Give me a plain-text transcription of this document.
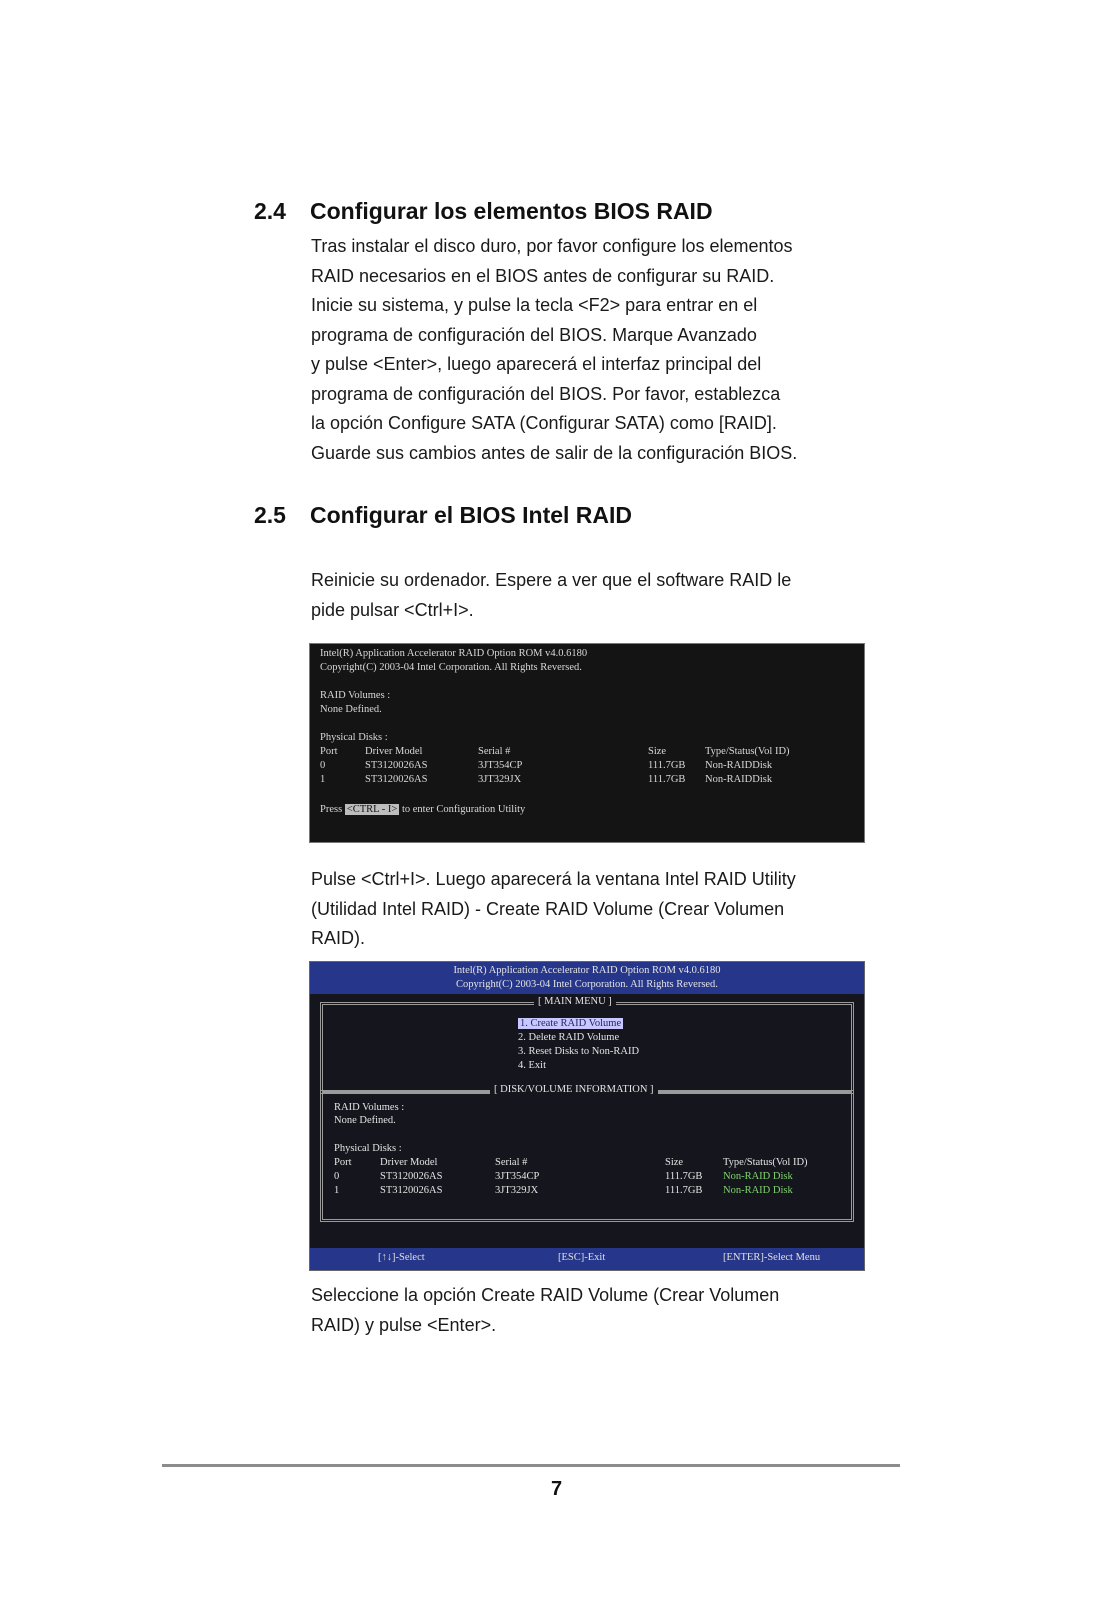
2.4 Configurar los elementos BIOS RAID
Tras instalar el disco duro, por favor configure los elementos
RAID necesarios en el BIOS antes de configurar su RAID.
Inicie su sistema, y pulse la tecla <F2> para entrar en el
programa de configuración del BIOS. Marque Avanzado
y pulse <Enter>, luego aparecerá el interfaz principal del
programa de configuración del BIOS. Por favor, establezca
la opción Configure SATA (Configurar SATA) como [RAID].
Guarde sus cambios antes de salir de la configuración BIOS.
2.5 Configurar el BIOS Intel RAID
Reinicie su ordenador. Espere a ver que el software RAID le
pide pulsar <Ctrl+I>.
Intel(R) Application Accelerator RAID Option ROM v4.0.6180
Copyright(C) 2003-04 Intel Corporation. All Rights Reversed.
RAID Volumes :
None Defined.
Physical Disks :
Port	Driver Model	Serial #	Size	Type/Status(Vol ID)
0	ST3120026AS	3JT354CP	111.7GB Non-RAIDDisk
1	ST3120026AS	3JT329JX	111.7GB Non-RAIDDisk
Press <CTRL - I> to enter Configuration Utility
Pulse <Ctrl+I>. Luego aparecerá la ventana Intel RAID Utility
(Utilidad Intel RAID) - Create RAID Volume (Crear Volumen
RAID).
Intel(R) Application Accelerator RAID Option ROM v4.0.6180
Copyright(C) 2003-04 Intel Corporation. All Rights Reversed.
[ MAIN MENU ]
1. Create RAID Volume
2. Delete RAID Volume
3. Reset Disks to Non-RAID
4. Exit
[ DISK/VOLUME INFORMATION ]
RAID Volumes :
None Defined.
Physical Disks :
Port	Driver Model	Serial #	Size	Type/Status(Vol ID)
0	ST3120026AS	3JT354CP	111.7GB Non-RAID Disk
1	ST3120026AS	3JT329JX	111.7GB Non-RAID Disk
[↑↓]-Select	[ESC]-Exit	[ENTER]-Select Menu
Seleccione la opción Create RAID Volume (Crear Volumen
RAID) y pulse <Enter>.
7
